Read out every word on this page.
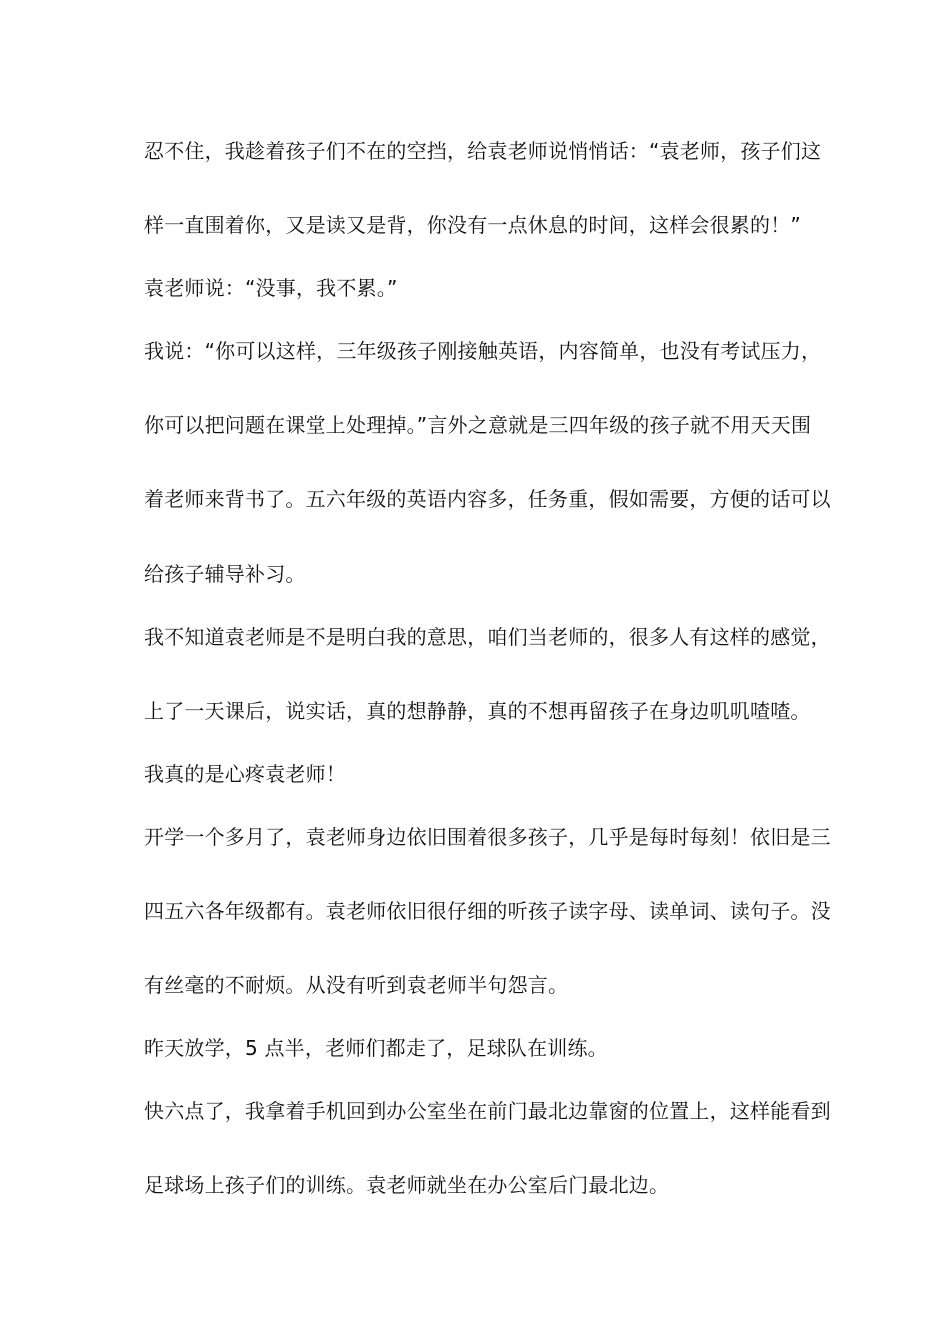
忍不住，我趁着孩子们不在的空挡，给袁老师说悄悄话：“袁老师，孩子们这
样一直围着你，又是读又是背，你没有一点休息的时间，这样会很累的！”
袁老师说：“没事，我不累。”
我说：“你可以这样，三年级孩子刚接触英语，内容简单，也没有考试压力，
你可以把问题在课堂上处理掉。”言外之意就是三四年级的孩子就不用天天围
着老师来背书了。五六年级的英语内容多，任务重，假如需要，方便的话可以
给孩子辅导补习。
我不知道袁老师是不是明白我的意思，咱们当老师的，很多人有这样的感觉，
上了一天课后，说实话，真的想静静，真的不想再留孩子在身边叽叽喳喳。
我真的是心疼袁老师！
开学一个多月了，袁老师身边依旧围着很多孩子，几乎是每时每刻！依旧是三
四五六各年级都有。袁老师依旧很仔细的听孩子读字母、读单词、读句子。没
有丝毫的不耐烦。从没有听到袁老师半句怨言。
昨天放学，5 点半，老师们都走了，足球队在训练。
快六点了，我拿着手机回到办公室坐在前门最北边靠窗的位置上，这样能看到
足球场上孩子们的训练。袁老师就坐在办公室后门最北边。
